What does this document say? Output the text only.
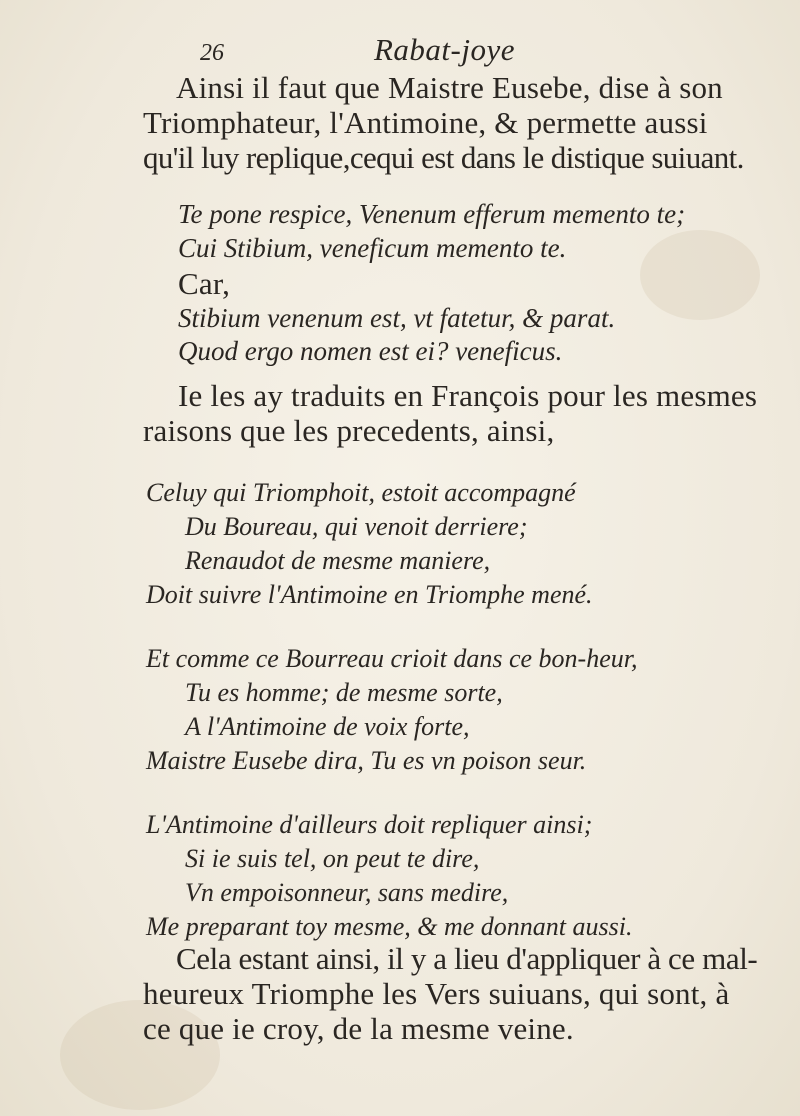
26	Rabat-joye
Ainsi il faut que Maistre Eusebe, dise à son
Triomphateur, l'Antimoine, & permette aussi
qu'il luy replique,cequi est dans le distique suiuant.
Te pone respice, Venenum efferum memento te;
Cui Stibium, veneficum memento te.
Car,
Stibium venenum est, vt fatetur, & parat.
Quod ergo nomen est ei? veneficus.
Ie les ay traduits en François pour les mesmes
raisons que les precedents, ainsi,
Celuy qui Triomphoit, estoit accompagné
Du Boureau, qui venoit derriere;
Renaudot de mesme maniere,
Doit suivre l'Antimoine en Triomphe mené.
Et comme ce Bourreau crioit dans ce bon-heur,
Tu es homme; de mesme sorte,
A l'Antimoine de voix forte,
Maistre Eusebe dira, Tu es vn poison seur.
L'Antimoine d'ailleurs doit repliquer ainsi;
Si ie suis tel, on peut te dire,
Vn empoisonneur, sans medire,
Me preparant toy mesme, & me donnant aussi.
Cela estant ainsi, il y a lieu d'appliquer à ce mal-
heureux Triomphe les Vers suiuans, qui sont, à
ce que ie croy, de la mesme veine.
